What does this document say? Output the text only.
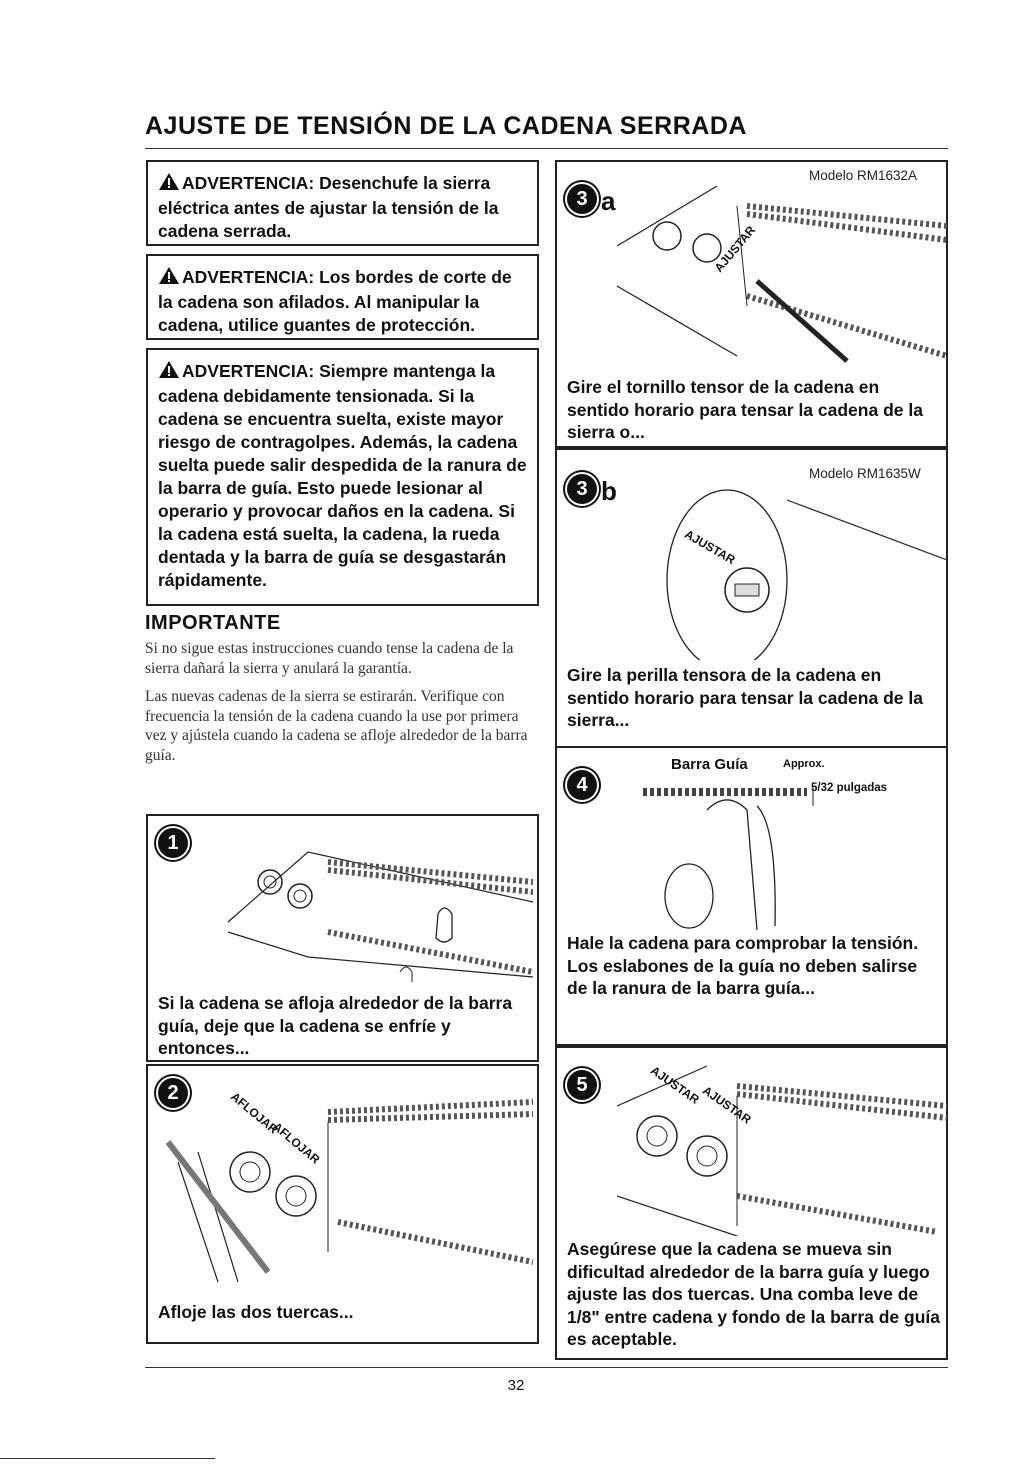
AJUSTE DE TENSIÓN DE LA CADENA SERRADA
ADVERTENCIA: Desenchufe la sierra eléctrica antes de ajustar la tensión de la cadena serrada.
ADVERTENCIA: Los bordes de corte de la cadena son afilados. Al manipular la cadena, utilice guantes de protección.
ADVERTENCIA: Siempre mantenga la cadena debidamente tensionada. Si la cadena se encuentra suelta, existe mayor riesgo de contragolpes. Además, la cadena suelta puede salir despedida de la ranura de la barra de guía. Esto puede lesionar al operario y provocar daños en la cadena. Si la cadena está suelta, la cadena, la rueda dentada y la barra de guía se desgastarán rápidamente.
IMPORTANTE
Si no sigue estas instrucciones cuando tense la cadena de la sierra dañará la sierra y anulará la garantía.
Las nuevas cadenas de la sierra se estirarán. Verifique con frecuencia la tensión de la cadena cuando la use por primera vez y ajústela cuando la cadena se afloje alrededor de la barra guía.
1
Si la cadena se afloja alrededor de la barra guía, deje que la cadena se enfríe y entonces...
2	AFLOJAR
AFLOJAR
Afloje las dos tuercas...
3 a
Modelo RM1632A
AJUSTAR
Gire el tornillo tensor de la cadena en sentido horario para tensar la cadena de la sierra o...
3 b
Modelo RM1635W
AJUSTAR
Gire la perilla tensora de la cadena en sentido horario para tensar la cadena de la sierra...
4
Barra Guía	Approx.
5/32 pulgadas
Hale la cadena para comprobar la tensión. Los eslabones de la guía no deben salirse de la ranura de la barra guía...
5	AJUSTAR
AJUSTAR
Asegúrese que la cadena se mueva sin dificultad alrededor de la barra guía y luego ajuste las dos tuercas. Una comba leve de 1/8" entre cadena y fondo de la barra de guía es aceptable.
32
